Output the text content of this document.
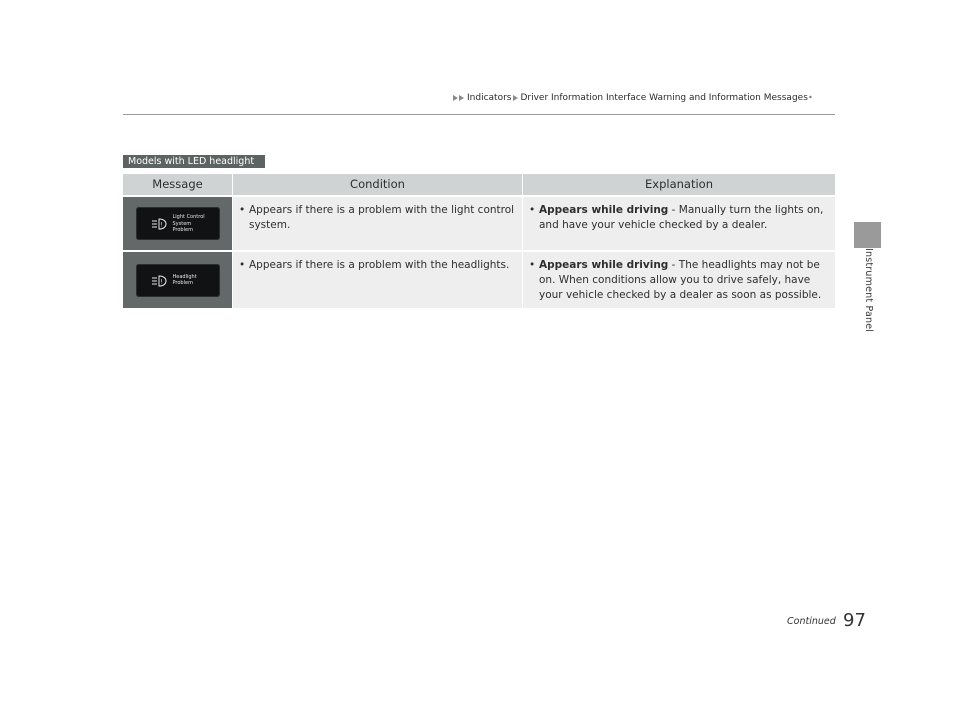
Indicators Driver Information Interface Warning and Information Messages *
Instrument Panel
Models with LED headlight
Message	Condition	Explanation
!
Light Control
System
Problem
• Appears if there is a problem with the light control system.
• Appears while driving - Manually turn the lights on, and have your vehicle checked by a dealer.
!
Headlight
Problem
• Appears if there is a problem with the headlights. • Appears while driving - The headlights may not be on. When conditions allow you to drive safely, have your vehicle checked by a dealer as soon as possible.
Continued 97
